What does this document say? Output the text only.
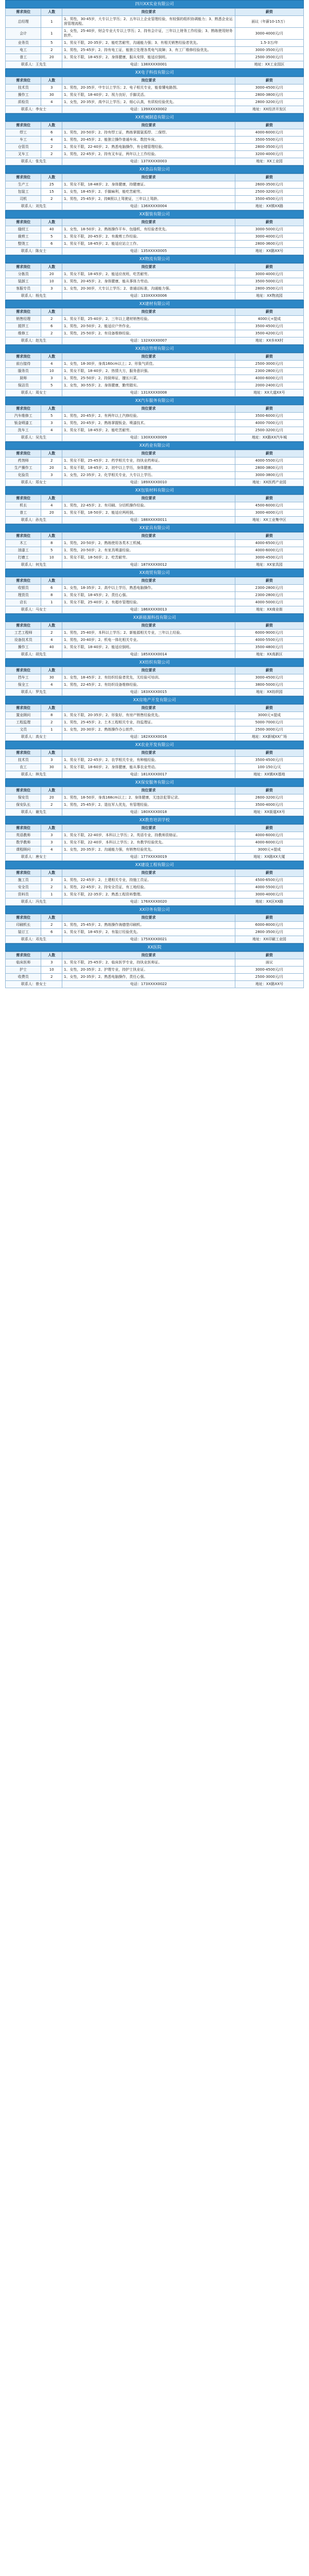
四川XX实业有限公司
需求岗位	人数	岗位要求	薪资
总经理	1	1、男性，30-45岁，大专以上学历；2、五年以上企业管理经验，有较强的组织协调能力；3、熟悉企业运营管理流程。	面议（年薪10-15万）
会计	1	1、女性，25-40岁，财会专业大专以上学历；2、持有会计证，三年以上财务工作经验；3、熟练使用财务软件。	3000-4000元/月
业务员	5	1、男女不限，20-35岁；2、能吃苦耐劳，沟通能力强；3、有相关销售经验者优先。	1.5-3万/年
电工	2	1、男性，25-45岁；2、持有电工证，能独立处理各类电气故障；3、有工厂维修经验优先。	3000-3500元/月
普工	20	1、男女不限，18-45岁；2、身体健康，服从安排，能适应倒班。	2500-3500元/月
联系人：王先生		电话：138XXXX0001	地址：XX工业园区
XX电子科技有限公司
需求岗位	人数	岗位要求	薪资
技术员	3	1、男性，20-35岁，中专以上学历；2、电子相关专业，能看懂电路图。	3000-4500元/月
操作工	30	1、男女不限，18-40岁；2、视力良好，手脚灵活。	2800-3800元/月
质检员	4	1、女性，20-35岁，高中以上学历；2、细心认真，有质检经验优先。	2800-3200元/月
联系人：李女士		电话：139XXXX0002	地址：XX经济开发区
XX机械制造有限公司
需求岗位	人数	岗位要求	薪资
焊工	6	1、男性，20-50岁；2、持有焊工证，熟练掌握氩弧焊、二保焊。	4000-6000元/月
车工	4	1、男性，20-45岁；2、能独立操作普通车床、数控车床。	3500-5500元/月
仓管员	2	1、男女不限，22-40岁；2、熟悉电脑操作，有仓储管理经验。	2800-3500元/月
叉车工	2	1、男性，22-45岁；2、持有叉车证，两年以上工作经验。	3200-4000元/月
联系人：张先生		电话：137XXXX0003	地址：XX工业园
XX食品有限公司
需求岗位	人数	岗位要求	薪资
生产工	25	1、男女不限，18-48岁；2、身体健康，持健康证。	2600-3500元/月
包装工	15	1、女性，18-45岁；2、手脚麻利，能吃苦耐劳。	2500-3200元/月
司机	2	1、男性，25-45岁；2、持B照以上驾驶证，三年以上驾龄。	3500-4500元/月
联系人：刘先生		电话：136XXXX0004	地址：XX镇XX路
XX服装有限公司
需求岗位	人数	岗位要求	薪资
缝纫工	40	1、女性，18-50岁；2、熟练操作平车、包缝机，有经验者优先。	3000-5000元/月
裁剪工	5	1、男女不限，20-45岁；2、有裁剪工作经验。	3000-4000元/月
整烫工	6	1、男女不限，18-45岁；2、能适应站立工作。	2800-3600元/月
联系人：陈女士		电话：135XXXX0005	地址：XX路XX号
XX物流有限公司
需求岗位	人数	岗位要求	薪资
分拣员	20	1、男女不限，18-45岁；2、能适应夜班，吃苦耐劳。	3000-4000元/月
装卸工	10	1、男性，20-45岁；2、身体健康，能从事体力劳动。	3500-5000元/月
客服专员	3	1、女性，20-30岁，大专以上学历；2、普通话标准，沟通能力强。	2800-3500元/月
联系人：杨先生		电话：133XXXX0006	地址：XX物流园
XX建材有限公司
需求岗位	人数	岗位要求	薪资
销售经理	2	1、男女不限，25-40岁；2、三年以上建材销售经验。	4000元+提成
搅拌工	6	1、男性，20-50岁；2、能适应户外作业。	3500-4500元/月
维修工	2	1、男性，25-50岁；2、有设备维修经验。	3500-4200元/月
联系人：赵先生		电话：132XXXX0007	地址：XX乡XX村
XX酒店管理有限公司
需求岗位	人数	岗位要求	薪资
前台接待	4	1、女性，18-30岁，身高160cm以上；2、形象气质佳。	2500-3000元/月
服务员	10	1、男女不限，18-40岁；2、热情大方，服务意识强。	2300-2800元/月
厨师	3	1、男性，25-50岁；2、持厨师证，擅长川菜。	4000-6000元/月
保洁员	5	1、女性，30-55岁；2、身体健康，勤劳踏实。	2000-2400元/月
联系人：周女士		电话：131XXXX0008	地址：XX大道XX号
XX汽车服务有限公司
需求岗位	人数	岗位要求	薪资
汽车维修工	5	1、男性，20-45岁；2、有两年以上汽修经验。	3500-6000元/月
钣金喷漆工	3	1、男性，20-45岁；2、熟练掌握钣金、喷漆技术。	4000-7000元/月
洗车工	4	1、男女不限，18-45岁；2、能吃苦耐劳。	2500-3200元/月
联系人：吴先生		电话：130XXXX0009	地址：XX路XX汽车城
XX药业有限公司
需求岗位	人数	岗位要求	薪资
药剂师	2	1、男女不限，25-45岁；2、药学相关专业，持执业药师证。	4000-5500元/月
生产操作工	20	1、男女不限，18-45岁；2、初中以上学历，身体健康。	2800-3800元/月
化验员	3	1、女性，22-35岁；2、化学相关专业，大专以上学历。	3000-3800元/月
联系人：郑女士		电话：189XXXX0010	地址：XX医药产业园
XX包装材料有限公司
需求岗位	人数	岗位要求	薪资
机长	4	1、男性，22-45岁；2、有印刷、分切机操作经验。	4500-6000元/月
普工	20	1、男女不限，18-50岁；2、能适应两班倒。	3000-4000元/月
联系人：孙先生		电话：188XXXX0011	地址：XX工业集中区
XX家具有限公司
需求岗位	人数	岗位要求	薪资
木工	8	1、男性，20-50岁；2、熟练使用各类木工机械。	4000-6500元/月
油漆工	5	1、男性，20-50岁；2、有家具喷漆经验。	4000-6000元/月
打磨工	10	1、男女不限，18-50岁；2、吃苦耐劳。	3000-4500元/月
联系人：何先生		电话：187XXXX0012	地址：XX家具园
XX商贸有限公司
需求岗位	人数	岗位要求	薪资
收银员	6	1、女性，18-35岁；2、高中以上学历，熟悉电脑操作。	2300-2800元/月
理货员	8	1、男女不限，18-45岁；2、责任心强。	2300-2800元/月
店长	1	1、男女不限，25-40岁；2、有超市管理经验。	4000-5000元/月
联系人：马女士		电话：186XXXX0013	地址：XX商业街
XX新能源科技有限公司
需求岗位	人数	岗位要求	薪资
工艺工程师	2	1、男性，25-40岁，本科以上学历；2、新能源相关专业，三年以上经验。	6000-9000元/月
设备技术员	4	1、男性，20-40岁；2、机电一体化相关专业。	4000-5500元/月
操作工	40	1、男女不限，18-40岁；2、能适应倒班。	3500-4800元/月
联系人：胡先生		电话：185XXXX0014	地址：XX高新区
XX纺织有限公司
需求岗位	人数	岗位要求	薪资
挡车工	30	1、女性，18-45岁；2、有纺织经验者优先，无经验可培训。	3000-4500元/月
保全工	4	1、男性，22-45岁；2、有纺织设备维修经验。	3800-5000元/月
联系人：罗先生		电话：183XXXX0015	地址：XX纺织园
XX房地产开发有限公司
需求岗位	人数	岗位要求	薪资
置业顾问	8	1、男女不限，20-35岁；2、形象好，有房产销售经验优先。	3000元+提成
工程监理	2	1、男性，25-45岁；2、土木工程相关专业，持监理证。	5000-7000元/月
文员	1	1、女性，20-30岁；2、熟练操作办公软件。	2500-3000元/月
联系人：高女士		电话：182XXXX0016	地址：XX新城XX广场
XX农业开发有限公司
需求岗位	人数	岗位要求	薪资
技术员	3	1、男女不限，22-45岁；2、农学相关专业，有种植经验。	3500-4500元/月
农工	30	1、男女不限，18-60岁；2、身体健康，能从事农业劳动。	100-150元/天
联系人：林先生		电话：181XXXX0017	地址：XX镇XX基地
XX保安服务有限公司
需求岗位	人数	岗位要求	薪资
保安员	20	1、男性，18-50岁，身高168cm以上；2、身体健康，无违法犯罪记录。	2600-3200元/月
保安队长	2	1、男性，25-45岁；2、退伍军人优先，有管理经验。	3500-4000元/月
联系人：谢先生		电话：180XXXX0018	地址：XX街道XX号
XX教育培训学校
需求岗位	人数	岗位要求	薪资
英语教师	3	1、男女不限，22-40岁，本科以上学历；2、英语专业，持教师资格证。	4000-6000元/月
数学教师	3	1、男女不限，22-40岁，本科以上学历；2、有教学经验优先。	4000-6000元/月
课程顾问	4	1、女性，20-35岁；2、沟通能力强，有销售经验优先。	3000元+提成
联系人：唐女士		电话：177XXXX0019	地址：XX路XX大厦
XX建设工程有限公司
需求岗位	人数	岗位要求	薪资
施工员	3	1、男性，22-45岁；2、土建相关专业，持施工员证。	4500-6500元/月
安全员	2	1、男性，22-45岁；2、持安全员证，有工地经验。	4000-5500元/月
资料员	1	1、男女不限，22-35岁；2、熟悉工程资料整理。	3000-4000元/月
联系人：冯先生		电话：176XXXX0020	地址：XX区XX路
XX印务有限公司
需求岗位	人数	岗位要求	薪资
印刷机长	2	1、男性，25-45岁；2、熟练操作海德堡印刷机。	6000-8000元/月
装订工	6	1、男女不限，18-45岁；2、有装订经验优先。	2800-3500元/月
联系人：邓先生		电话：175XXXX0021	地址：XX印刷工业园
XX医院
需求岗位	人数	岗位要求	薪资
临床医师	3	1、男女不限，25-45岁；2、临床医学专业，持执业医师证。	面议
护士	10	1、女性，20-35岁；2、护理专业，持护士执业证。	3000-4500元/月
收费员	2	1、女性，20-35岁；2、熟悉电脑操作，责任心强。	2500-3000元/月
联系人：曾女士		电话：173XXXX0022	地址：XX路XX号
